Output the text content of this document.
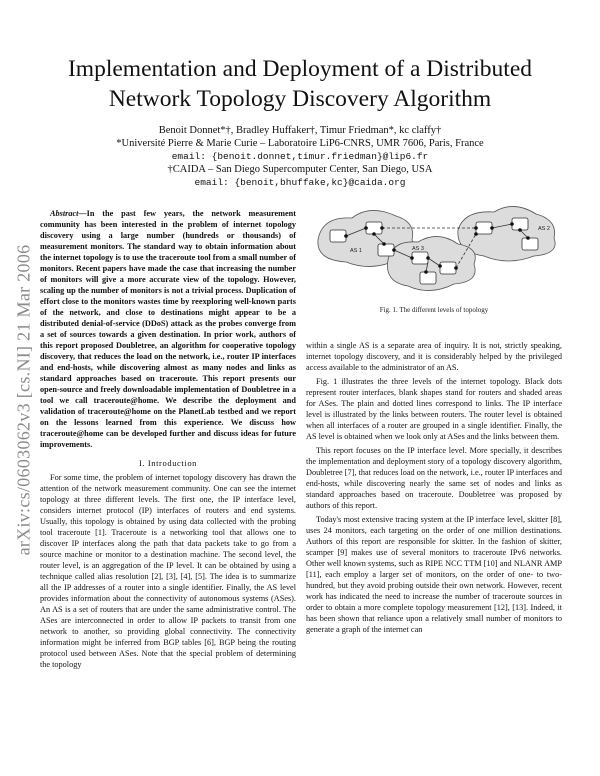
arXiv:cs/0603062v3 [cs.NI] 21 Mar 2006
Implementation and Deployment of a Distributed
Network Topology Discovery Algorithm
Benoit Donnet*†, Bradley Huffaker†, Timur Friedman*, kc claffy†
*Université Pierre & Marie Curie – Laboratoire LiP6-CNRS, UMR 7606, Paris, France
email: {benoit.donnet,timur.friedman}@lip6.fr
†CAIDA – San Diego Supercomputer Center, San Diego, USA
email: {benoit,bhuffake,kc}@caida.org

Abstract—In the past few years, the network measurement community has been interested in the problem of internet topology discovery using a large number (hundreds or thousands) of measurement monitors. The standard way to obtain information about the internet topology is to use the traceroute tool from a small number of monitors. Recent papers have made the case that increasing the number of monitors will give a more accurate view of the topology. However, scaling up the number of monitors is not a trivial process. Duplication of effort close to the monitors wastes time by reexploring well-known parts of the network, and close to destinations might appear to be a distributed denial-of-service (DDoS) attack as the probes converge from a set of sources towards a given destination. In prior work, authors of this report proposed Doubletree, an algorithm for cooperative topology discovery, that reduces the load on the network, i.e., router IP interfaces and end-hosts, while discovering almost as many nodes and links as standard approaches based on traceroute. This report presents our open-source and freely downloadable implementation of Doubletree in a tool we call traceroute@home. We describe the deployment and validation of traceroute@home on the PlanetLab testbed and we report on the lessons learned from this experience. We discuss how traceroute@home can be developed further and discuss ideas for future improvements.

I. Introduction

For some time, the problem of internet topology discovery has drawn the attention of the network measurement community. One can see the internet topology at three different levels. The first one, the IP interface level, considers internet protocol (IP) interfaces of routers and end systems. Usually, this topology is obtained by using data collected with the probing tool traceroute [1]. Traceroute is a networking tool that allows one to discover IP interfaces along the path that data packets take to go from a source machine or monitor to a destination machine. The second level, the router level, is an aggregation of the IP level. It can be obtained by using a technique called alias resolution [2], [3], [4], [5]. The idea is to summarize all the IP addresses of a router into a single identifier. Finally, the AS level provides information about the connectivity of autonomous systems (ASes). An AS is a set of routers that are under the same administrative control. The ASes are interconnected in order to allow IP packets to transit from one network to another, so providing global connectivity. The connectivity information might be inferred from BGP tables [6], BGP being the routing protocol used between ASes. Note that the special problem of determining the topology

AS 1
AS 2
AS 3
Fig. 1. The different levels of topology

within a single AS is a separate area of inquiry. It is not, strictly speaking, internet topology discovery, and it is considerably helped by the privileged access available to the administrator of an AS.

Fig. 1 illustrates the three levels of the internet topology. Black dots represent router interfaces, blank shapes stand for routers and shaded areas for ASes. The plain and dotted lines correspond to links. The IP interface level is illustrated by the links between routers. The router level is obtained when all interfaces of a router are grouped in a single identifier. Finally, the AS level is obtained when we look only at ASes and the links between them.

This report focuses on the IP interface level. More specially, it describes the implementation and deployment story of a topology discovery algorithm, Doubletree [7], that reduces load on the network, i.e., router IP interfaces and end-hosts, while discovering nearly the same set of nodes and links as standard approaches based on traceroute. Doubletree was proposed by authors of this report.

Today's most extensive tracing system at the IP interface level, skitter [8], uses 24 monitors, each targeting on the order of one million destinations. Authors of this report are responsible for skitter. In the fashion of skitter, scamper [9] makes use of several monitors to traceroute IPv6 networks. Other well known systems, such as RIPE NCC TTM [10] and NLANR AMP [11], each employ a larger set of monitors, on the order of one- to two-hundred, but they avoid probing outside their own network. However, recent work has indicated the need to increase the number of traceroute sources in order to obtain a more complete topology measurement [12], [13]. Indeed, it has been shown that reliance upon a relatively small number of monitors to generate a graph of the internet can
